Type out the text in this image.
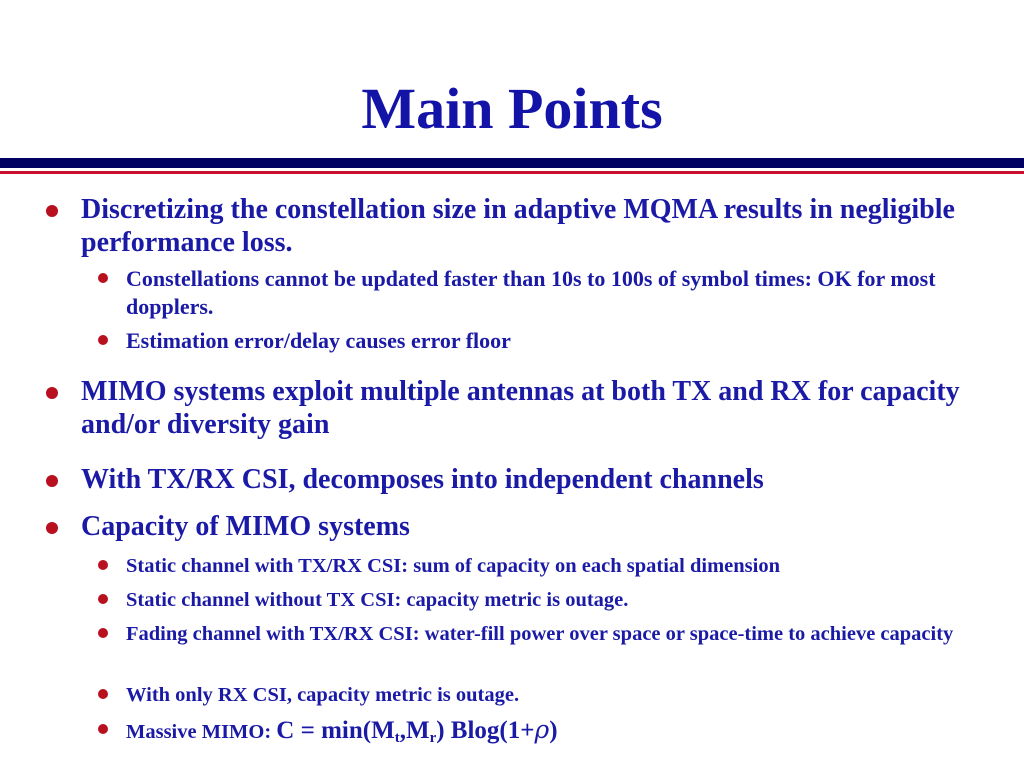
Main Points
Discretizing the constellation size in adaptive MQMA results in negligible performance loss.
Constellations cannot be updated faster than 10s to 100s of symbol times: OK for most dopplers.
Estimation error/delay causes error floor
MIMO systems exploit multiple antennas at both TX and RX for capacity and/or diversity gain
With TX/RX CSI, decomposes into independent channels
Capacity of MIMO systems
Static channel with TX/RX CSI: sum of capacity on each spatial dimension
Static channel without TX CSI: capacity metric is outage.
Fading channel with TX/RX CSI: water-fill power over space or space-time to achieve capacity
With only RX CSI, capacity metric is outage.
Massive MIMO: $C = \min(M_t,M_r)$ Blog(1+ρ)
